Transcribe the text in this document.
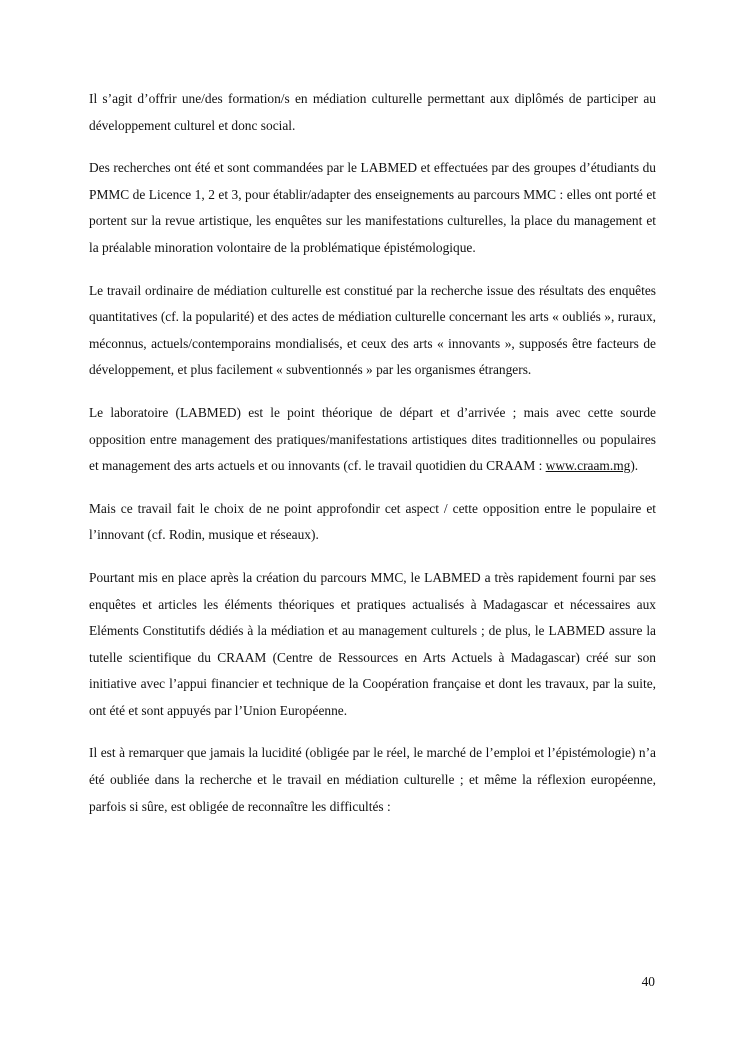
Il s’agit d’offrir une/des formation/s en médiation culturelle permettant aux diplômés de participer au développement culturel et donc social.

Des recherches ont été et sont commandées par le LABMED et effectuées par des groupes d’étudiants du PMMC de Licence 1, 2 et 3, pour établir/adapter des enseignements au parcours MMC : elles ont porté et portent sur la revue artistique, les enquêtes sur les manifestations culturelles, la place du management et la préalable minoration volontaire de la problématique épistémologique.

Le travail ordinaire de médiation culturelle est constitué par la recherche issue des résultats des enquêtes quantitatives (cf. la popularité) et des actes de médiation culturelle concernant les arts « oubliés », ruraux, méconnus, actuels/contemporains mondialisés, et ceux des arts « innovants », supposés être facteurs de développement, et plus facilement « subventionnés » par les organismes étrangers.

Le laboratoire (LABMED) est le point théorique de départ et d’arrivée ; mais avec cette sourde opposition entre management des pratiques/manifestations artistiques dites traditionnelles ou populaires et management des arts actuels et ou innovants (cf. le travail quotidien du CRAAM : www.craam.mg).

Mais ce travail fait le choix de ne point approfondir cet aspect / cette opposition entre le populaire et l’innovant (cf. Rodin, musique et réseaux).

Pourtant mis en place après la création du parcours MMC, le LABMED a très rapidement fourni par ses enquêtes et articles les éléments théoriques et pratiques actualisés à Madagascar et nécessaires aux Eléments Constitutifs dédiés à la médiation et au management culturels ; de plus, le LABMED assure la tutelle scientifique du CRAAM (Centre de Ressources en Arts Actuels à Madagascar) créé sur son initiative avec l’appui financier et technique de la Coopération française et dont les travaux, par la suite, ont été et sont appuyés par l’Union Européenne.

Il est à remarquer que jamais la lucidité (obligée par le réel, le marché de l’emploi et l’épistémologie) n’a été oubliée dans la recherche et le travail en médiation culturelle ; et même la réflexion européenne, parfois si sûre, est obligée de reconnaître les difficultés :

40
